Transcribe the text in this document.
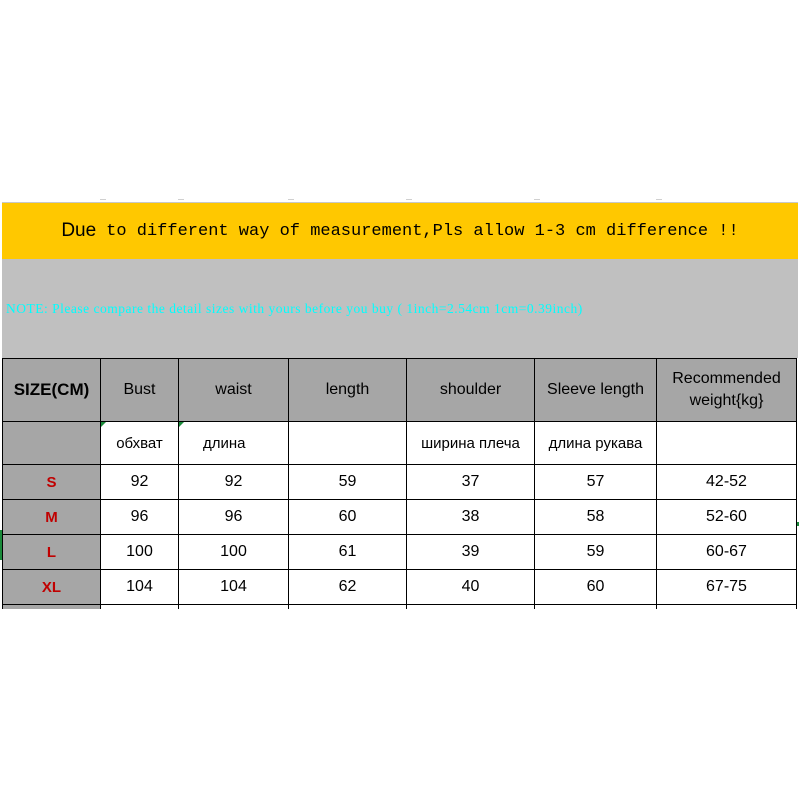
Due to different way of measurement,Pls allow 1-3 cm difference !!
NOTE: Please compare the detail sizes with yours before you buy ( 1inch=2.54cm 1cm=0.39inch)
SIZE(CM)	Bust	waist	length	shoulder	Sleeve length	Recommended
weight{kg}
	обхват	длина		ширина плеча	длина рукава	
S	92	92	59	37	57	42-52
M	96	96	60	38	58	52-60
L	100	100	61	39	59	60-67
XL	104	104	62	40	60	67-75
